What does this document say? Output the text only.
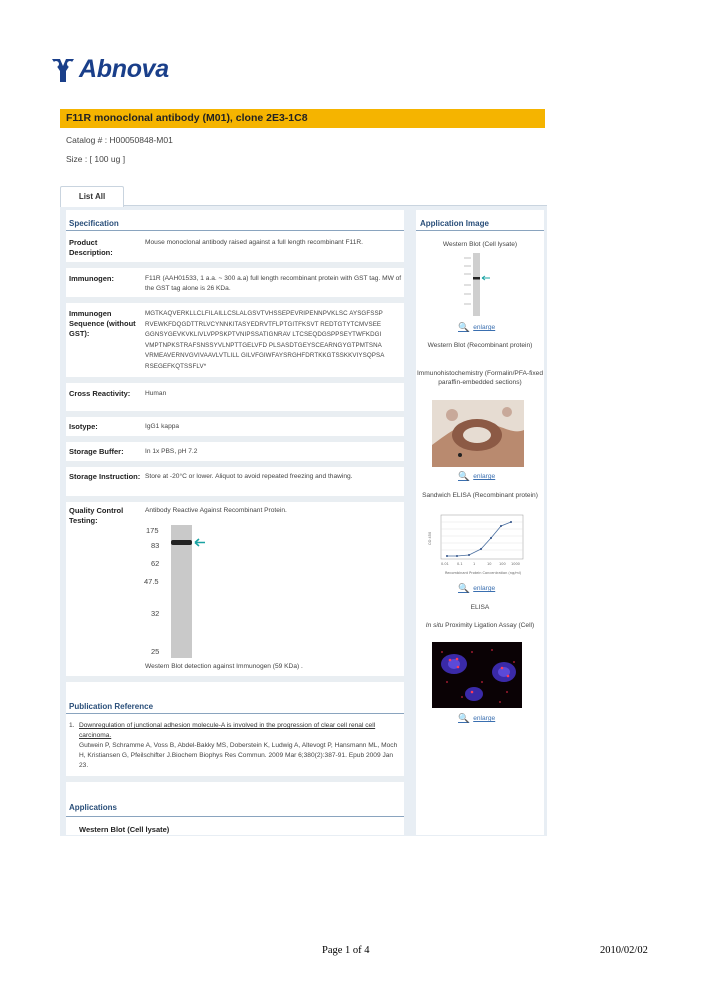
Abnova
F11R monoclonal antibody (M01), clone 2E3-1C8
Catalog # : H00050848-M01
Size : [ 100 ug ]
List All
Specification
Product Description:
Mouse monoclonal antibody raised against a full length recombinant F11R.
Immunogen:	F11R (AAH01533, 1 a.a. ~ 300 a.a) full length recombinant protein with GST tag. MW of the GST tag alone is 26 KDa.
Immunogen Sequence (without GST):
MGTKAQVERKLLCLFILAILLCSLALGSVTVHSSEPEVRIPENNPVKLSC AYSGFSSPRVEWKFDQGDTTRLVCYNNKITASYEDRVTFLPTGITFKSVT REDTGTYTCMVSEEGGNSYGEVKVKLIVLVPPSKPTVNIPSSATIGNRAV LTCSEQDGSPPSEYTWFKDGIVMPTNPKSTRAFSNSSYVLNPTTGELVFD PLSASDTGEYSCEARNGYGTPMTSNAVRMEAVERNVGVIVAAVLVTLILL GILVFGIWFAYSRGHFDRTKKGTSSKKVIYSQPSARSEGEFKQTSSFLV*
Cross Reactivity:	Human
Isotype:	IgG1 kappa
Storage Buffer:	In 1x PBS, pH 7.2
Storage Instruction: Store at -20°C or lower. Aliquot to avoid repeated freezing and thawing.
Quality Control Testing:
Antibody Reactive Against Recombinant Protein.
175
83
62
47.5
32
25
Western Blot detection against Immunogen (59 KDa) .
Publication Reference
1. Downregulation of junctional adhesion molecule-A is involved in the progression of clear cell renal cell carcinoma.
Gutwein P, Schramme A, Voss B, Abdel-Bakky MS, Doberstein K, Ludwig A, Altevogt P, Hansmann ML, Moch H, Kristiansen G, Pfeilschifter J.Biochem Biophys Res Commun. 2009 Mar 6;380(2):387-91. Epub 2009 Jan 23.
Applications
Western Blot (Cell lysate)
Application Image
Western Blot (Cell lysate)
🔍 enlarge
Western Blot (Recombinant protein)
Immunohistochemistry (Formalin/PFA-fixed paraffin-embedded sections)
🔍 enlarge
Sandwich ELISA (Recombinant protein)
0.01 0.1	1	10 100 1000
Recombinant Protein Concentration (ng/ml)
OD 450
🔍 enlarge
ELISA
In situ Proximity Ligation Assay (Cell)
🔍 enlarge
Page 1 of 4	2010/02/02
